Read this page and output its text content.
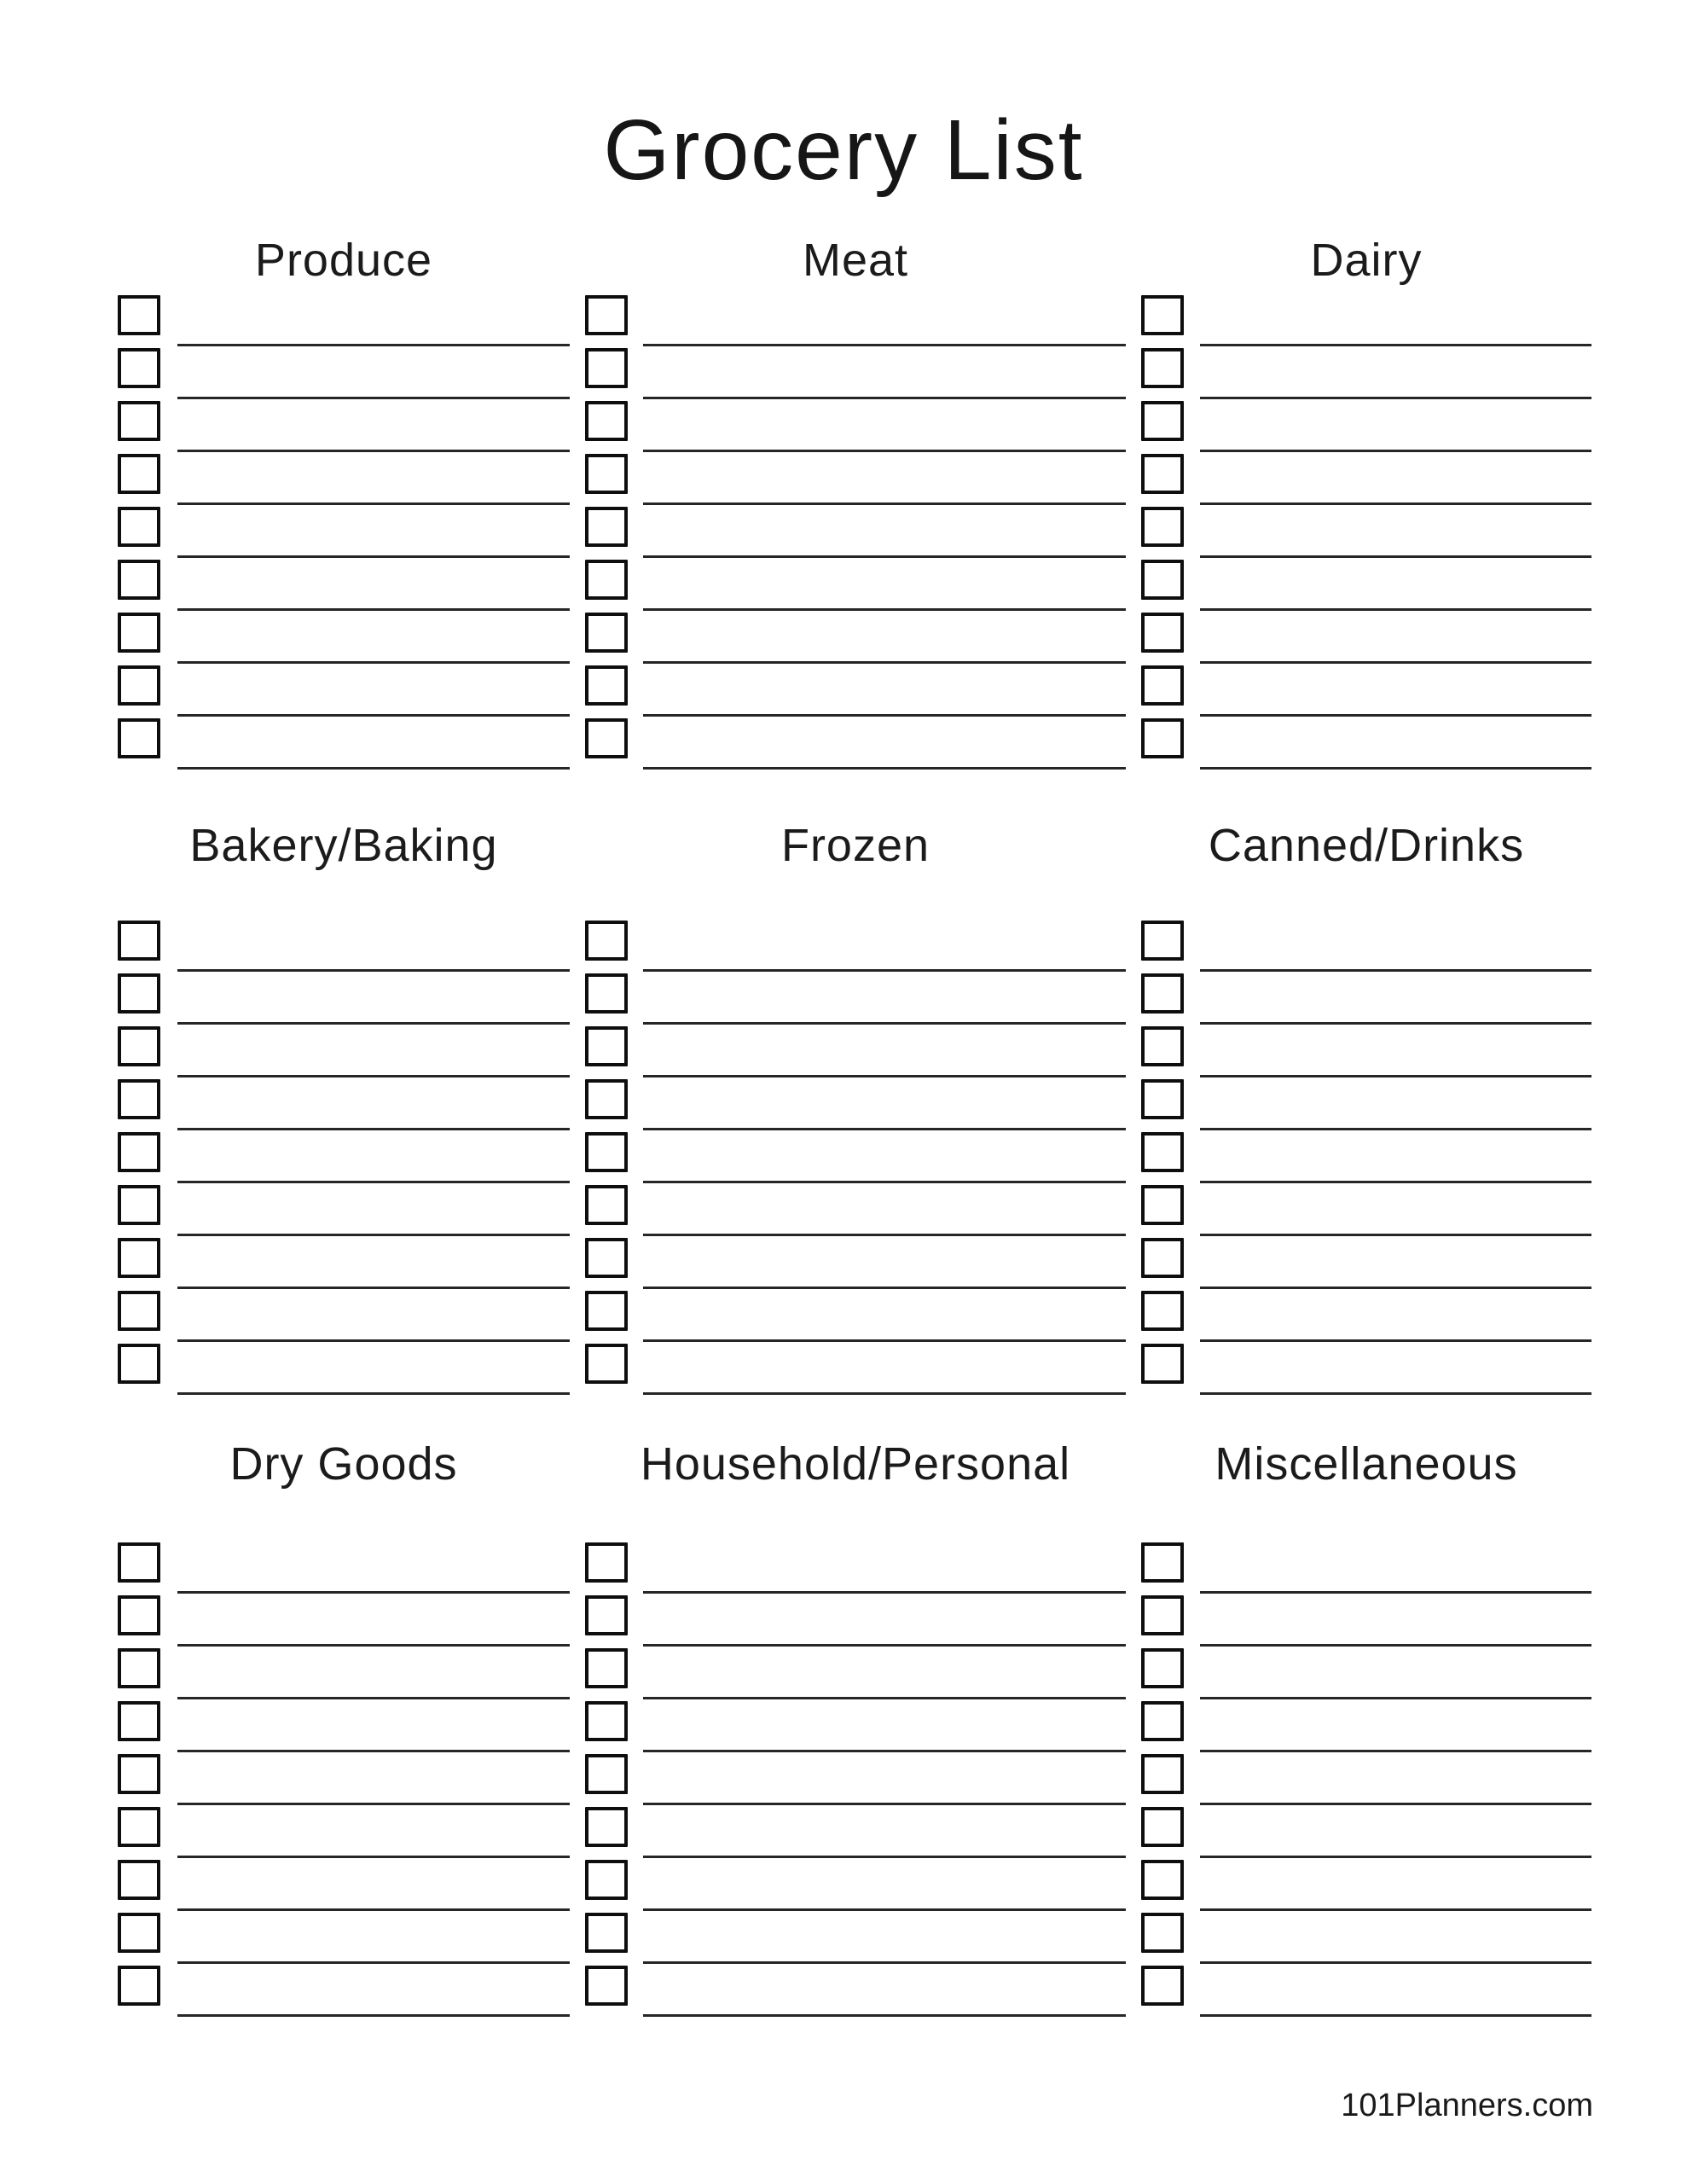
Grocery List
Produce	Meat	Dairy
Bakery/Baking	Frozen	Canned/Drinks
Dry Goods	Household/Personal	Miscellaneous
101Planners.com
